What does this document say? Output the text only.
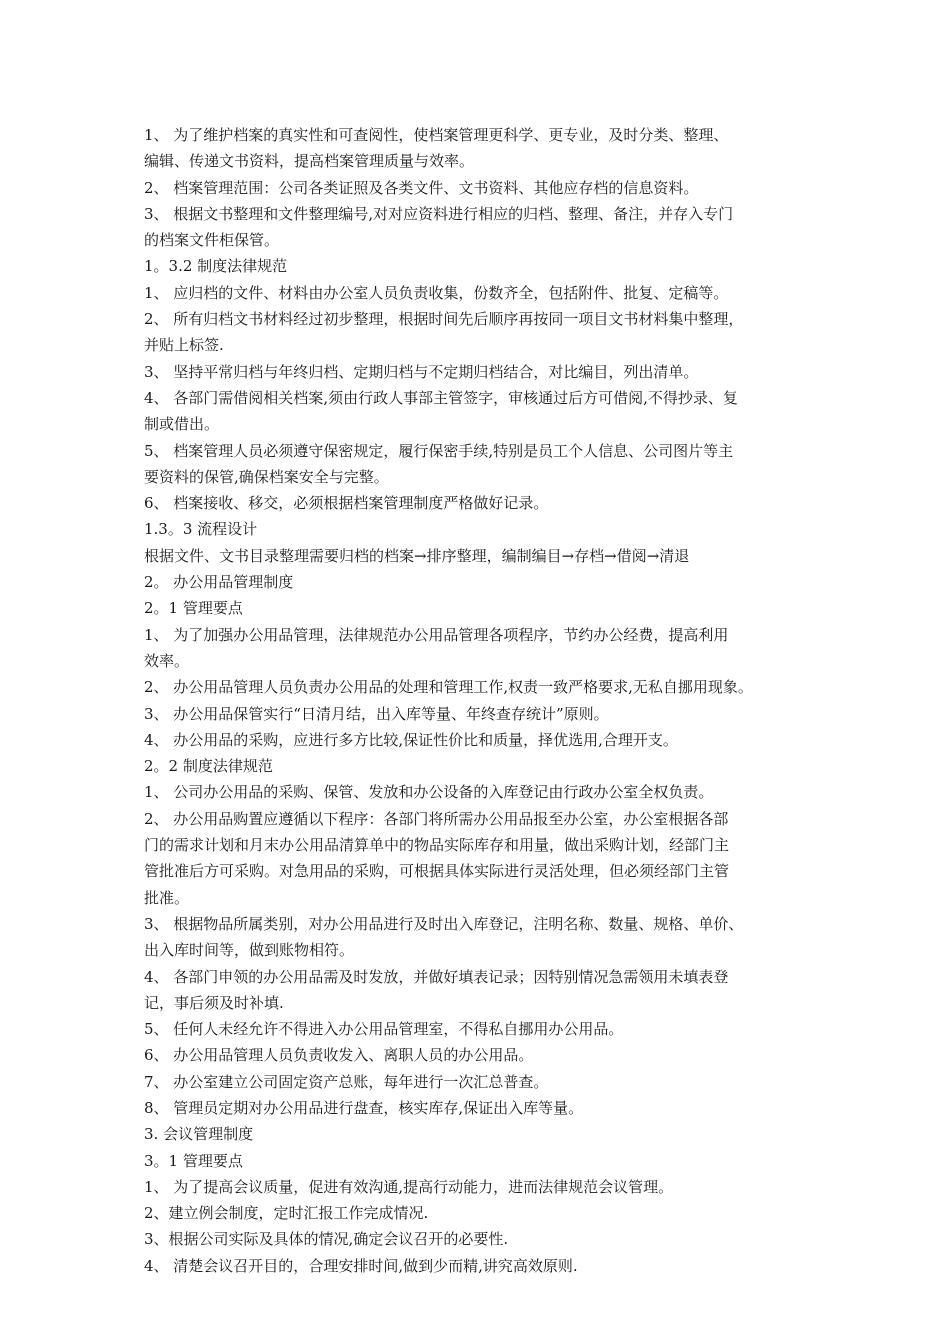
1、 为了维护档案的真实性和可查阅性，使档案管理更科学、更专业，及时分类、整理、
编辑、传递文书资料，提高档案管理质量与效率。
2、 档案管理范围：公司各类证照及各类文件、文书资料、其他应存档的信息资料。
3、 根据文书整理和文件整理编号,对对应资料进行相应的归档、整理、备注，并存入专门
的档案文件柜保管。
1。3.2 制度法律规范
1、 应归档的文件、材料由办公室人员负责收集，份数齐全，包括附件、批复、定稿等。
2、 所有归档文书材料经过初步整理，根据时间先后顺序再按同一项目文书材料集中整理，
并贴上标签.
3、 坚持平常归档与年终归档、定期归档与不定期归档结合，对比编目，列出清单。
4、 各部门需借阅相关档案,须由行政人事部主管签字，审核通过后方可借阅,不得抄录、复
制或借出。
5、 档案管理人员必须遵守保密规定，履行保密手续,特别是员工个人信息、公司图片等主
要资料的保管,确保档案安全与完整。
6、 档案接收、移交，必须根据档案管理制度严格做好记录。
1.3。3 流程设计
根据文件、文书目录整理需要归档的档案→排序整理，编制编目→存档→借阅→清退
2。 办公用品管理制度
2。1 管理要点
1、 为了加强办公用品管理，法律规范办公用品管理各项程序，节约办公经费，提高利用
效率。
2、 办公用品管理人员负责办公用品的处理和管理工作,权责一致严格要求,无私自挪用现象。
3、 办公用品保管实行“日清月结，出入库等量、年终查存统计”原则。
4、 办公用品的采购，应进行多方比较,保证性价比和质量，择优选用,合理开支。
2。2 制度法律规范
1、 公司办公用品的采购、保管、发放和办公设备的入库登记由行政办公室全权负责。
2、 办公用品购置应遵循以下程序：各部门将所需办公用品报至办公室，办公室根据各部
门的需求计划和月末办公用品清算单中的物品实际库存和用量，做出采购计划，经部门主
管批准后方可采购。对急用品的采购，可根据具体实际进行灵活处理，但必须经部门主管
批准。
3、 根据物品所属类别，对办公用品进行及时出入库登记，注明名称、数量、规格、单价、
出入库时间等，做到账物相符。
4、 各部门申领的办公用品需及时发放，并做好填表记录；因特别情况急需领用未填表登
记，事后须及时补填.
5、 任何人未经允许不得进入办公用品管理室，不得私自挪用办公用品。
6、 办公用品管理人员负责收发入、离职人员的办公用品。
7、 办公室建立公司固定资产总账，每年进行一次汇总普查。
8、 管理员定期对办公用品进行盘查，核实库存,保证出入库等量。
3. 会议管理制度
3。1 管理要点
1、 为了提高会议质量，促进有效沟通,提高行动能力，进而法律规范会议管理。
2、建立例会制度，定时汇报工作完成情况.
3、根据公司实际及具体的情况,确定会议召开的必要性.
4、 清楚会议召开目的，合理安排时间,做到少而精,讲究高效原则.
